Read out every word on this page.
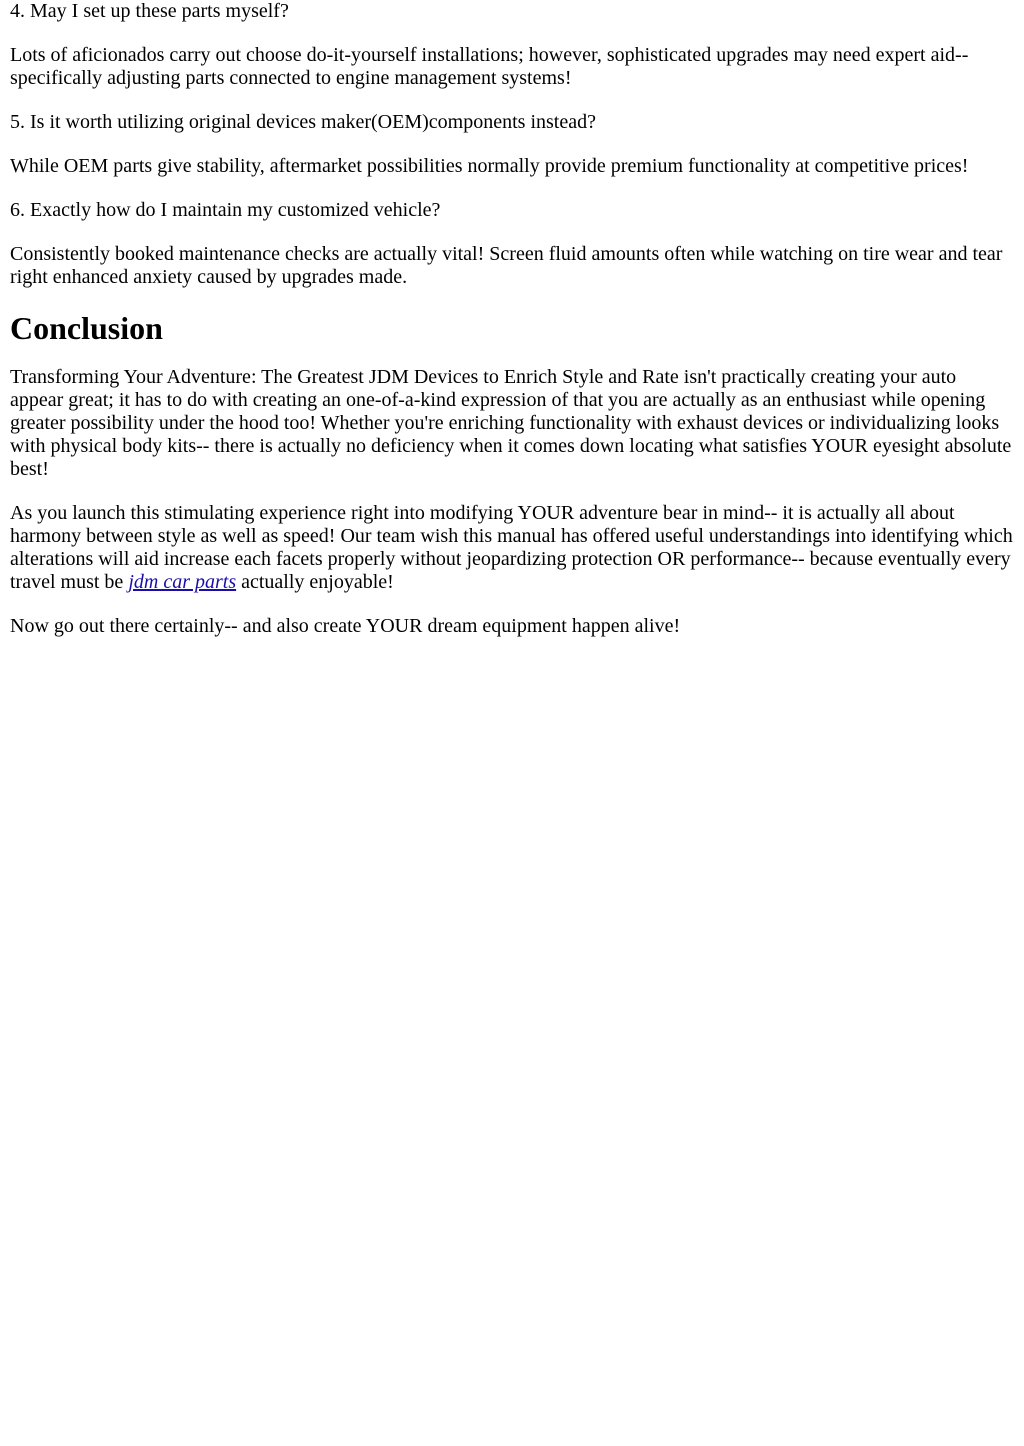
4. May I set up these parts myself?

Lots of aficionados carry out choose do-it-yourself installations; however, sophisticated upgrades may need expert aid-- specifically adjusting parts connected to engine management systems!

5. Is it worth utilizing original devices maker(OEM)components instead?

While OEM parts give stability, aftermarket possibilities normally provide premium functionality at competitive prices!

6. Exactly how do I maintain my customized vehicle?

Consistently booked maintenance checks are actually vital! Screen fluid amounts often while watching on tire wear and tear right enhanced anxiety caused by upgrades made.

Conclusion

Transforming Your Adventure: The Greatest JDM Devices to Enrich Style and Rate isn't practically creating your auto appear great; it has to do with creating an one-of-a-kind expression of that you are actually as an enthusiast while opening greater possibility under the hood too! Whether you're enriching functionality with exhaust devices or individualizing looks with physical body kits-- there is actually no deficiency when it comes down locating what satisfies YOUR eyesight absolute best!

As you launch this stimulating experience right into modifying YOUR adventure bear in mind-- it is actually all about harmony between style as well as speed! Our team wish this manual has offered useful understandings into identifying which alterations will aid increase each facets properly without jeopardizing protection OR performance-- because eventually every travel must be jdm car parts actually enjoyable!

Now go out there certainly-- and also create YOUR dream equipment happen alive!
